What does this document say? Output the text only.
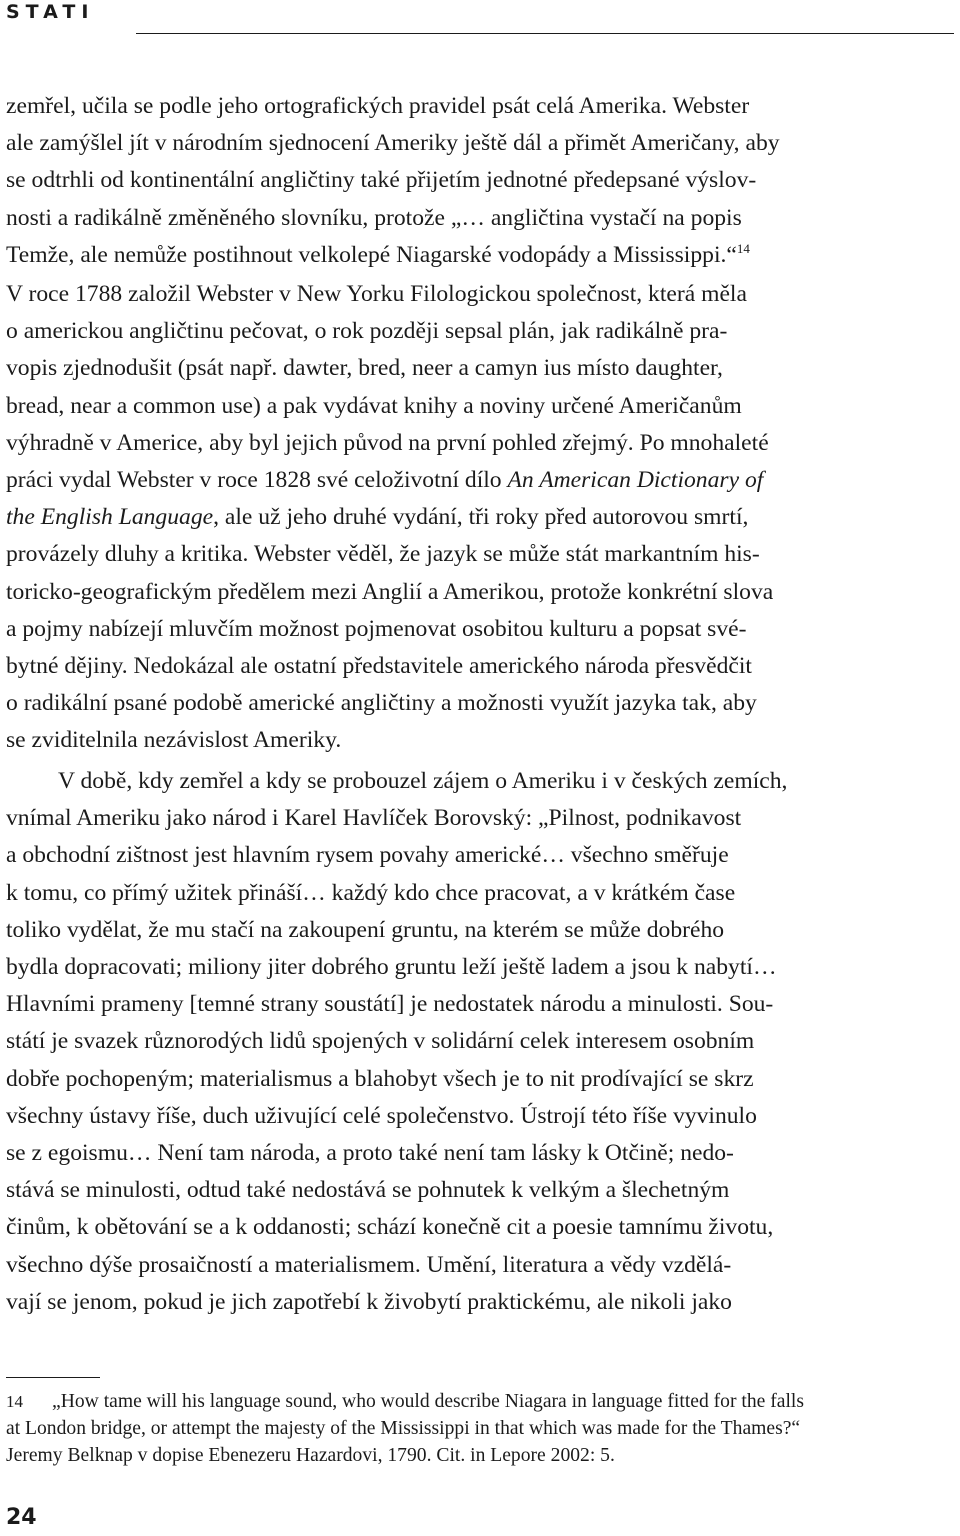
STATI
zemřel, učila se podle jeho ortografických pravidel psát celá Amerika. Webster
ale zamýšlel jít v národním sjednocení Ameriky ještě dál a přimět Američany, aby
se odtrhli od kontinentální angličtiny také přijetím jednotné předepsané výslov-
nosti a radikálně změněného slovníku, protože „… angličtina vystačí na popis
Temže, ale nemůže postihnout velkolepé Niagarské vodopády a Mississippi.“$^{14}$
V roce 1788 založil Webster v New Yorku Filologickou společnost, která měla
o americkou angličtinu pečovat, o rok později sepsal plán, jak radikálně pra-
vopis zjednodušit (psát např. dawter, bred, neer a camyn ius místo daughter,
bread, near a common use) a pak vydávat knihy a noviny určené Američanům
výhradně v Americe, aby byl jejich původ na první pohled zřejmý. Po mnohaleté
práci vydal Webster v roce 1828 své celoživotní dílo An American Dictionary of
the English Language, ale už jeho druhé vydání, tři roky před autorovou smrtí,
provázely dluhy a kritika. Webster věděl, že jazyk se může stát markantním his-
toricko-geografickým předělem mezi Anglií a Amerikou, protože konkrétní slova
a pojmy nabízejí mluvčím možnost pojmenovat osobitou kulturu a popsat své-
bytné dějiny. Nedokázal ale ostatní představitele amerického národa přesvědčit
o radikální psané podobě americké angličtiny a možnosti využít jazyka tak, aby
se zviditelnila nezávislost Ameriky.
V době, kdy zemřel a kdy se probouzel zájem o Ameriku i v českých zemích,
vnímal Ameriku jako národ i Karel Havlíček Borovský: „Pilnost, podnikavost
a obchodní zištnost jest hlavním rysem povahy americké… všechno směřuje
k tomu, co přímý užitek přináší… každý kdo chce pracovat, a v krátkém čase
toliko vydělat, že mu stačí na zakoupení gruntu, na kterém se může dobrého
bydla dopracovati; miliony jiter dobrého gruntu leží ještě ladem a jsou k nabytí…
Hlavními prameny [temné strany soustátí] je nedostatek národu a minulosti. Sou-
státí je svazek různorodých lidů spojených v solidární celek interesem osobním
dobře pochopeným; materialismus a blahobyt všech je to nit prodívající se skrz
všechny ústavy říše, duch uživující celé společenstvo. Ústrojí této říše vyvinulo
se z egoismu… Není tam národa, a proto také není tam lásky k Otčině; nedo-
stává se minulosti, odtud také nedostává se pohnutek k velkým a šlechetným
činům, k obětování se a k oddanosti; schází konečně cit a poesie tamnímu životu,
všechno dýše prosaičností a materialismem. Umění, literatura a vědy vzdělá-
vají se jenom, pokud je jich zapotřebí k živobytí praktickému, ale nikoli jako
14 „How tame will his language sound, who would describe Niagara in language fitted for the falls
at London bridge, or attempt the majesty of the Mississippi in that which was made for the Thames?“
Jeremy Belknap v dopise Ebenezeru Hazardovi, 1790. Cit. in Lepore 2002: 5.
24
